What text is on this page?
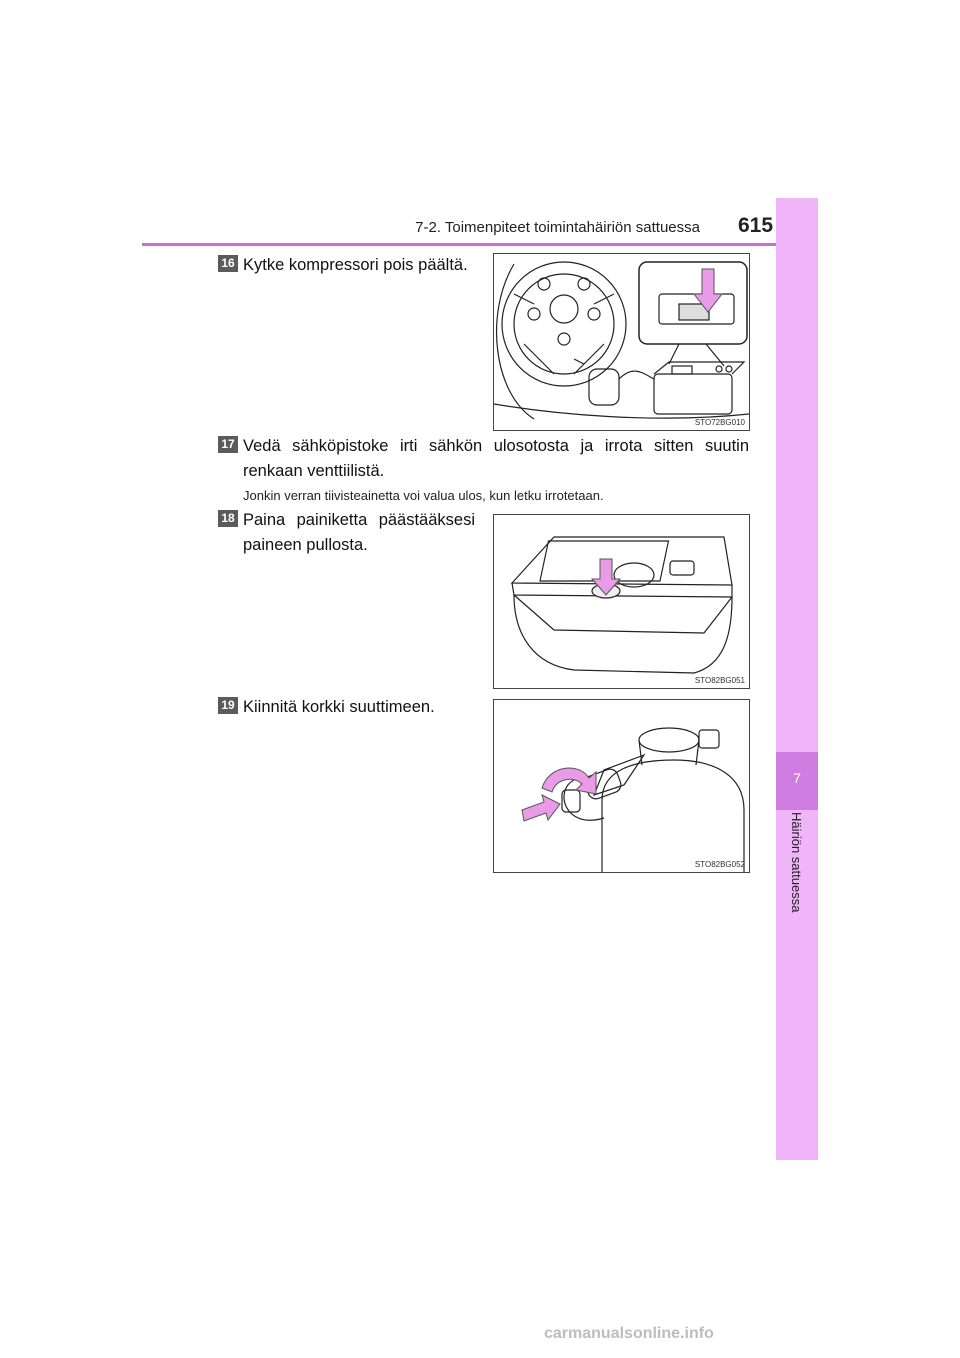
7-2. Toimenpiteet toimintahäiriön sattuessa 615
7
Häiriön sattuessa
16 Kytke kompressori pois päältä.
STO72BG010
17 Vedä sähköpistoke irti sähkön ulosotosta ja irrota sitten suutin renkaan venttiilistä.
Jonkin verran tiivisteainetta voi valua ulos, kun letku irrotetaan.
18 Paina painiketta päästääksesi paineen pullosta.
STO82BG051
19 Kiinnitä korkki suuttimeen.
STO82BG052
carmanualsonline.info
